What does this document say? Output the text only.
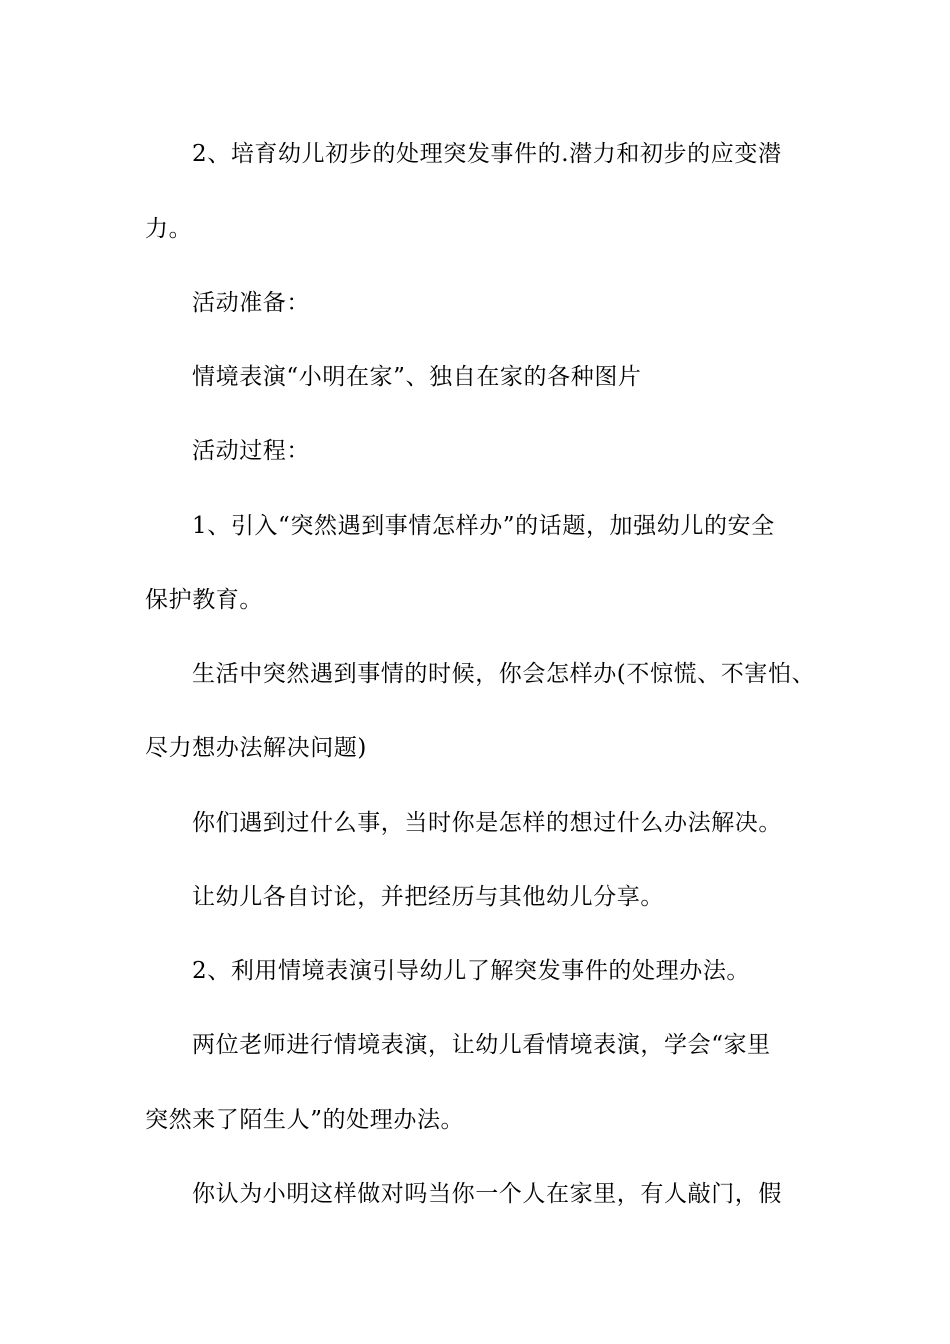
2、培育幼儿初步的处理突发事件的.潜力和初步的应变潜
力。
活动准备：
情境表演“小明在家”、独自在家的各种图片
活动过程：
1、引入“突然遇到事情怎样办”的话题，加强幼儿的安全
保护教育。
生活中突然遇到事情的时候，你会怎样办(不惊慌、不害怕、
尽力想办法解决问题)
你们遇到过什么事，当时你是怎样的想过什么办法解决。
让幼儿各自讨论，并把经历与其他幼儿分享。
2、利用情境表演引导幼儿了解突发事件的处理办法。
两位老师进行情境表演，让幼儿看情境表演，学会“家里
突然来了陌生人”的处理办法。
你认为小明这样做对吗当你一个人在家里，有人敲门，假
